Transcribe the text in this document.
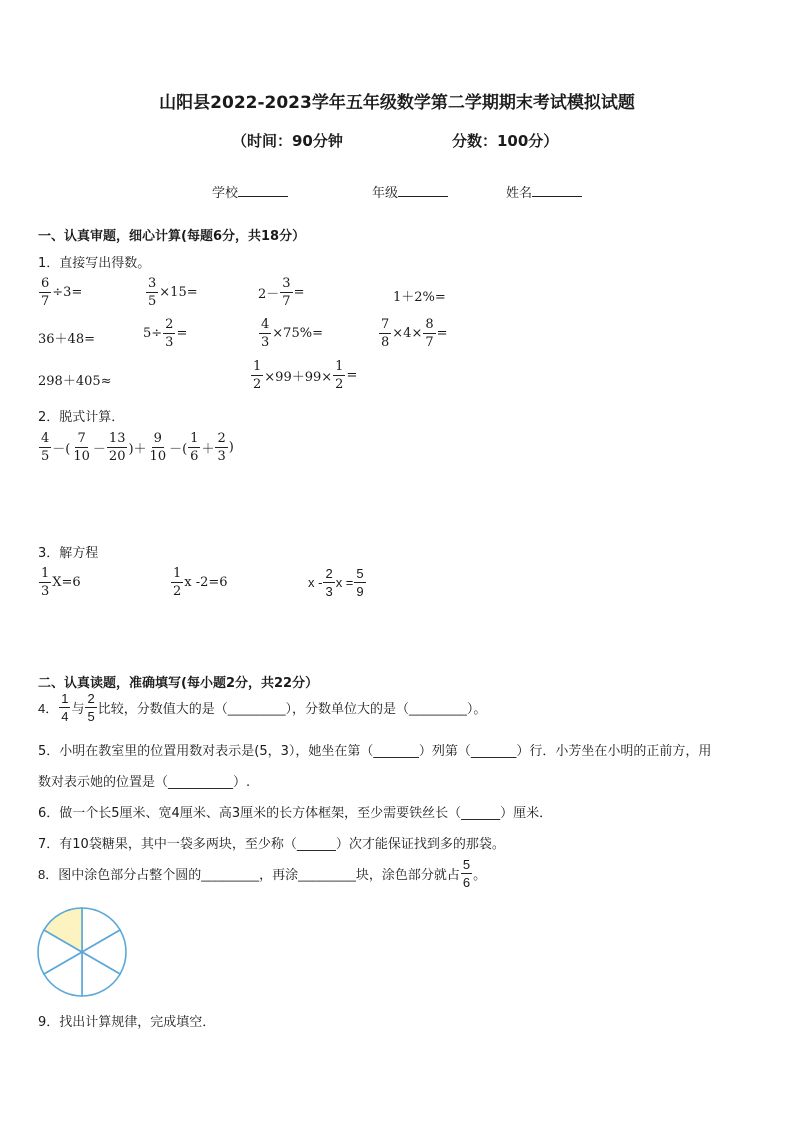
山阳县2022-2023学年五年级数学第二学期期末考试模拟试题
（时间：90分钟	分数：100分）
学校	年级	姓名
一、认真审题，细心计算(每题6分，共18分）
1．直接写出得数。
$\frac{6}{7} \div 3=$	$\frac{3}{5} \times 15=$	$2- \frac{3}{7}$ =	1＋2%=
36＋48=	$5\div \frac{2}{3}$ =	$\frac{4}{3} \times 75\%=$	$\frac{7}{8} \times 4\times \frac{8}{7}$ =
298＋405≈	$\frac{1}{2} \times 99+99\times \frac{1}{2}$ =
2．脱式计算．
$\frac{4}{5}$ －( $\frac{7}{10} - \frac{13}{20}$ )＋ $\frac{9}{10}$ －( $\frac{1}{6} + \frac{2}{3}$ )
3．解方程
$\frac{1}{3} X=6$	$\frac{1}{2}$ x -2=6	x - $\frac{2}{3}$ $x = \frac{5}{9}$
二、认真读题，准确填写(每小题2分，共22分）
4． $\frac{1}{4}$ 与 $\frac{2}{5}$ 比较，分数值大的是（________），分数单位大的是（________）。
5．小明在教室里的位置用数对表示是(5，3），她坐在第（_______）列第（_______）行．小芳坐在小明的正前方，用
数对表示她的位置是（__________）.
6．做一个长5厘米、宽4厘米、高3厘米的长方体框架，至少需要铁丝长（______）厘米．
7．有10袋糖果，其中一袋多两块，至少称（______）次才能保证找到多的那袋。
8．图中涂色部分占整个圆的________，再涂________块，涂色部分就占 $\frac{5}{6}$ 。
9．找出计算规律，完成填空．
